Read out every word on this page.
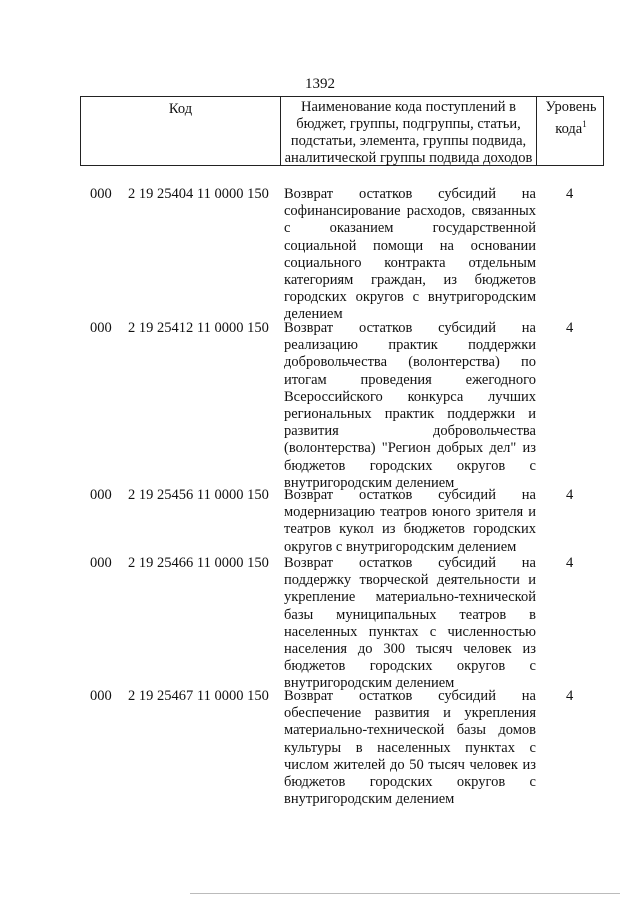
1392
Код	Наименование кода поступлений в бюджет, группы, подгруппы, статьи, подстатьи, элемента, группы подвида, аналитической группы подвида доходов
Уровень кода$^1$
000 2 19 25404 11 0000 150 Возврат остатков субсидий на софинансирование расходов, связанных с оказанием государственной социальной помощи на основании социального контракта отдельным категориям граждан, из бюджетов городских округов с внутригородским делением
4
000 2 19 25412 11 0000 150 Возврат остатков субсидий на реализацию практик поддержки добровольчества (волонтерства) по итогам проведения ежегодного Всероссийского конкурса лучших региональных практик поддержки и развития добровольчества (волонтерства) "Регион добрых дел" из бюджетов городских округов с внутригородским делением
4
000 2 19 25456 11 0000 150 Возврат остатков субсидий на модернизацию театров юного зрителя и театров кукол из бюджетов городских округов с внутригородским делением
4
000 2 19 25466 11 0000 150 Возврат остатков субсидий на поддержку творческой деятельности и укрепление материально-технической базы муниципальных театров в населенных пунктах с численностью населения до 300 тысяч человек из бюджетов городских округов с внутригородским делением
4
000 2 19 25467 11 0000 150 Возврат остатков субсидий на обеспечение развития и укрепления материально-технической базы домов культуры в населенных пунктах с числом жителей до 50 тысяч человек из бюджетов городских округов с внутригородским делением
4
